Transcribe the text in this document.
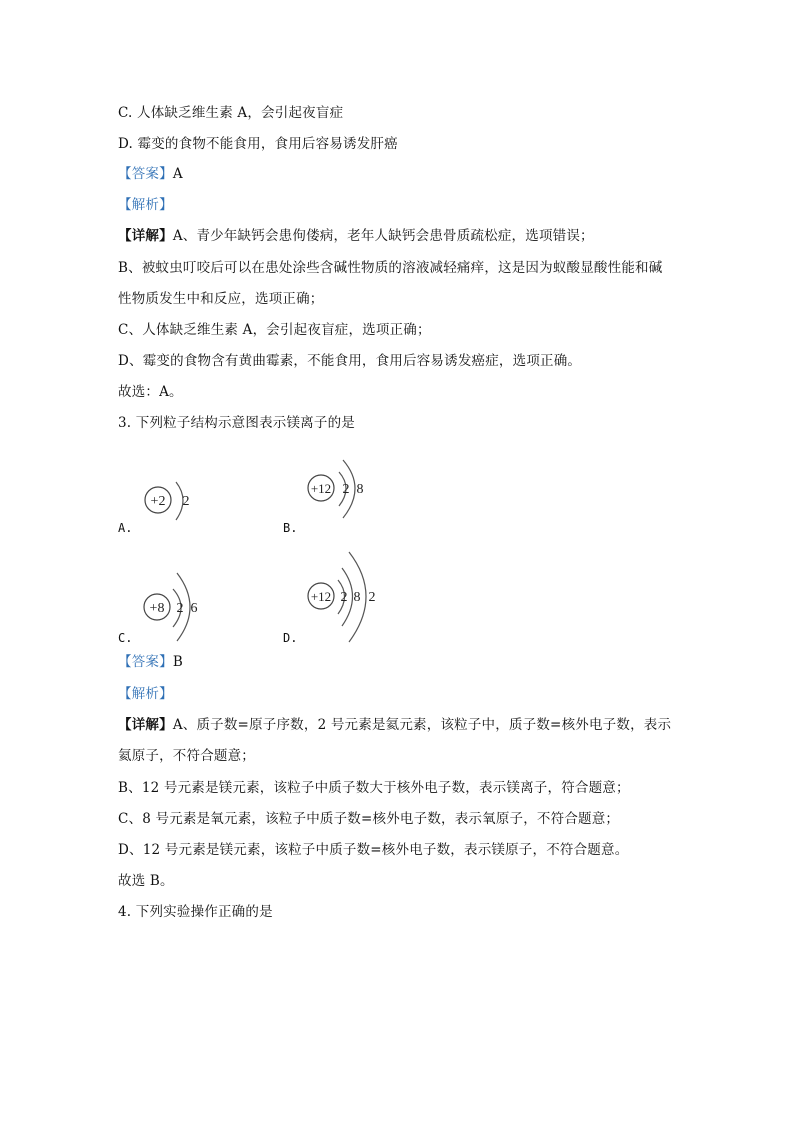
C. 人体缺乏维生素 A，会引起夜盲症
D. 霉变的食物不能食用，食用后容易诱发肝癌
【答案】A
【解析】
【详解】A、青少年缺钙会患佝偻病，老年人缺钙会患骨质疏松症，选项错误；
B、被蚊虫叮咬后可以在患处涂些含碱性物质的溶液减轻痛痒，这是因为蚁酸显酸性能和碱
性物质发生中和反应，选项正确；
C、人体缺乏维生素 A，会引起夜盲症，选项正确；
D、霉变的食物含有黄曲霉素，不能食用，食用后容易诱发癌症，选项正确。
故选：A。
3. 下列粒子结构示意图表示镁离子的是
+2 2
A.
+12 2 8
B.
+8 2 6
C.
+12 2 8 2
D.
【答案】B
【解析】
【详解】A、质子数=原子序数，2 号元素是氦元素，该粒子中，质子数=核外电子数，表示
氦原子，不符合题意；
B、12 号元素是镁元素，该粒子中质子数大于核外电子数，表示镁离子，符合题意；
C、8 号元素是氧元素，该粒子中质子数=核外电子数，表示氧原子，不符合题意；
D、12 号元素是镁元素，该粒子中质子数=核外电子数，表示镁原子，不符合题意。
故选 B。
4. 下列实验操作正确的是
